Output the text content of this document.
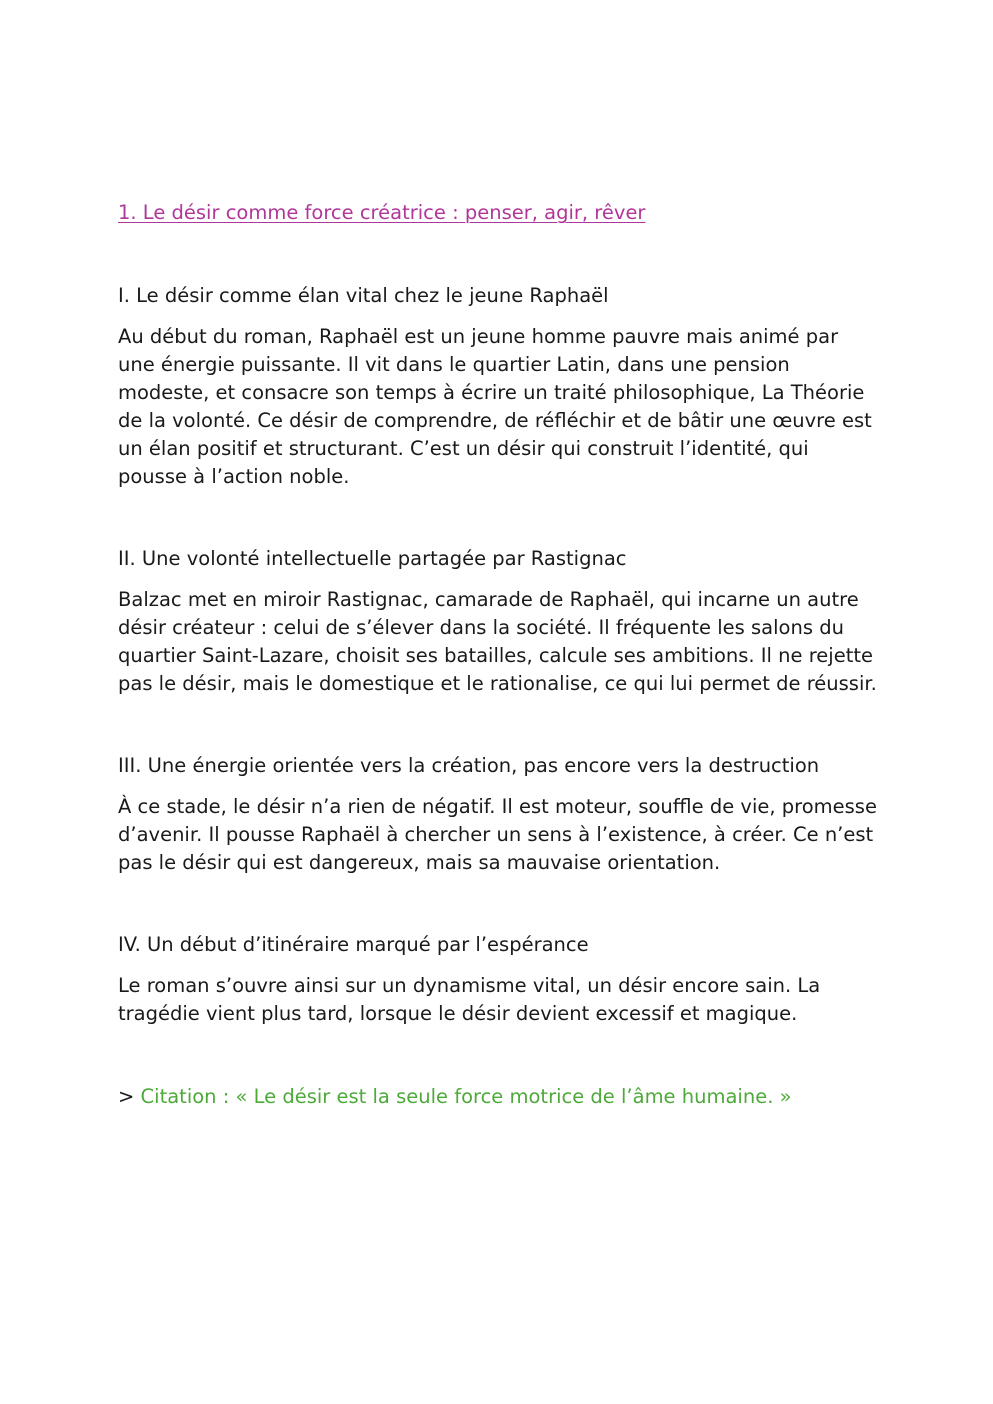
1. Le désir comme force créatrice : penser, agir, rêver

I. Le désir comme élan vital chez le jeune Raphaël

Au début du roman, Raphaël est un jeune homme pauvre mais animé par une énergie puissante. Il vit dans le quartier Latin, dans une pension modeste, et consacre son temps à écrire un traité philosophique, La Théorie de la volonté. Ce désir de comprendre, de réfléchir et de bâtir une œuvre est un élan positif et structurant. C’est un désir qui construit l’identité, qui pousse à l’action noble.

II. Une volonté intellectuelle partagée par Rastignac

Balzac met en miroir Rastignac, camarade de Raphaël, qui incarne un autre désir créateur : celui de s’élever dans la société. Il fréquente les salons du quartier Saint-Lazare, choisit ses batailles, calcule ses ambitions. Il ne rejette pas le désir, mais le domestique et le rationalise, ce qui lui permet de réussir.

III. Une énergie orientée vers la création, pas encore vers la destruction

À ce stade, le désir n’a rien de négatif. Il est moteur, souffle de vie, promesse d’avenir. Il pousse Raphaël à chercher un sens à l’existence, à créer. Ce n’est pas le désir qui est dangereux, mais sa mauvaise orientation.

IV. Un début d’itinéraire marqué par l’espérance

Le roman s’ouvre ainsi sur un dynamisme vital, un désir encore sain. La tragédie vient plus tard, lorsque le désir devient excessif et magique.

> Citation : « Le désir est la seule force motrice de l’âme humaine. »
